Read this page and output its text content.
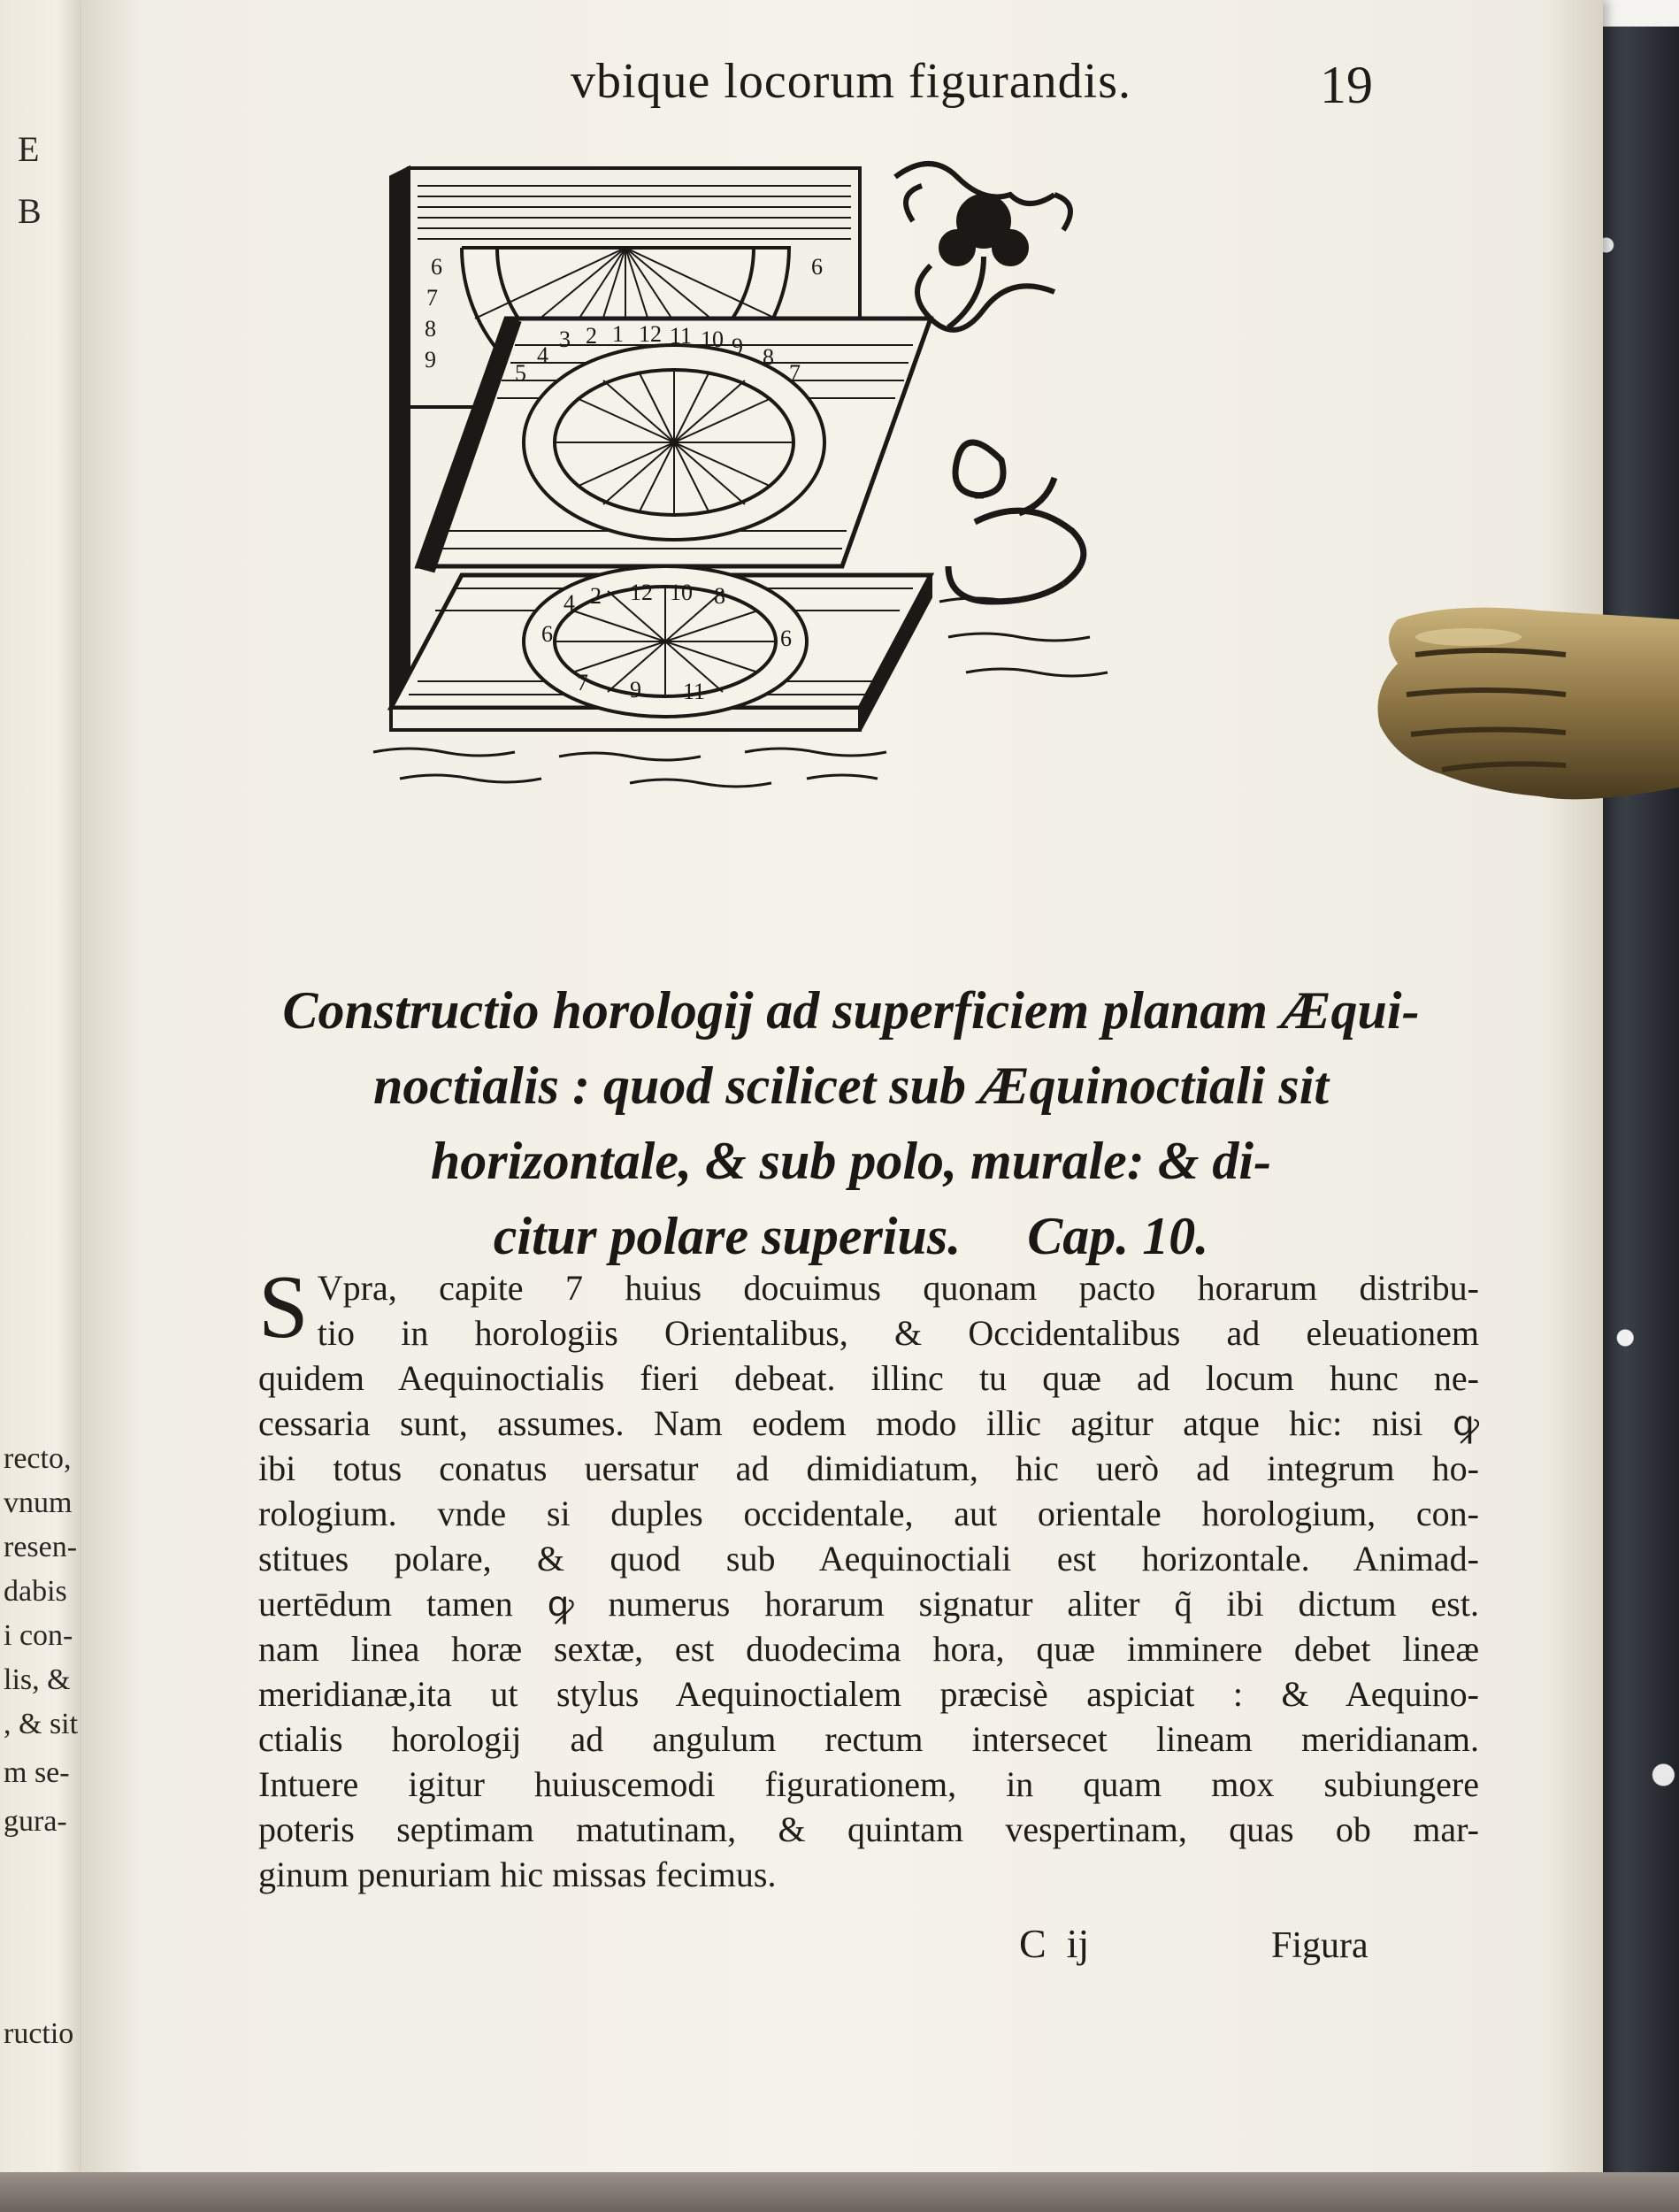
E
B
recto,
vnum
resen-
dabis
i con-
lis, &
, & sit
m se-
gura-
ructio
vbique locorum figurandis.	19
3 2 1 12 11 10 9 8
7
5
4
6
7
8
9
6
4 2 12 10 8
6	6
7 9 11
Constructio horologij ad superficiem planam Æqui-
noctialis : quod scilicet sub Æquinoctiali sit
horizontale, & sub polo, murale: & di-
citur polare superius.     Cap. 10.
S Vpra, capite 7 huius docuimus quonam pacto horarum distribu-
tio in horologiis Orientalibus, & Occidentalibus ad eleuationem
quidem Aequinoctialis fieri debeat. illinc tu quæ ad locum hunc ne-
cessaria sunt, assumes. Nam eodem modo illic agitur atque hic: nisi ꝙ
ibi totus conatus uersatur ad dimidiatum, hic uerò ad integrum ho-
rologium. vnde si duples occidentale, aut orientale horologium, con-
stitues polare, & quod sub Aequinoctiali est horizontale. Animad-
uertēdum tamen ꝙ numerus horarum signatur aliter q̃ ibi dictum est.
nam linea horæ sextæ, est duodecima hora, quæ imminere debet lineæ
meridianæ,ita ut stylus Aequinoctialem præcisè aspiciat : & Aequino-
ctialis horologij ad angulum rectum intersecet lineam meridianam.
Intuere igitur huiuscemodi figurationem, in quam mox subiungere
poteris septimam matutinam, & quintam vespertinam, quas ob mar-
ginum penuriam hic missas fecimus.
C  ij	Figura
